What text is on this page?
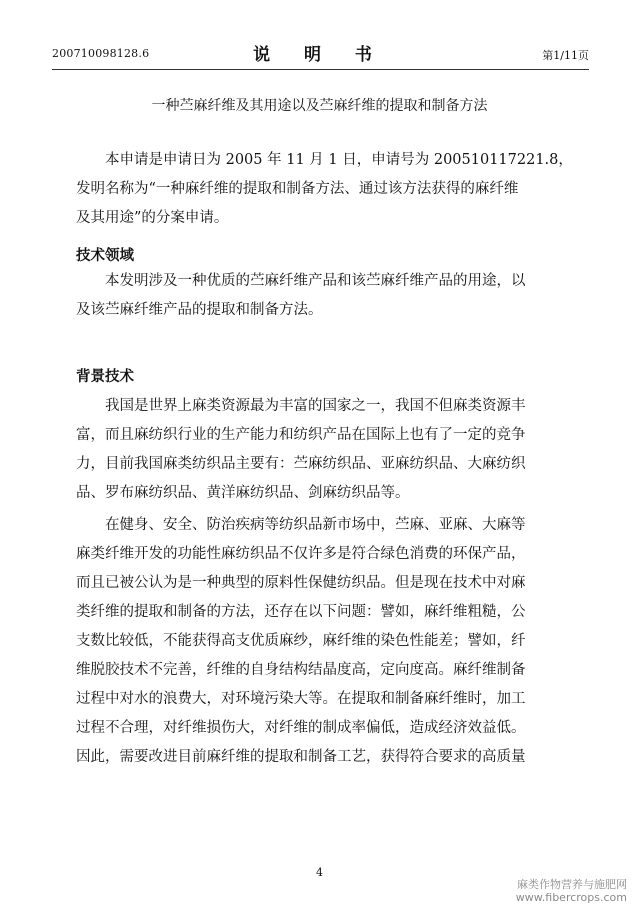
200710098128.6	说 明 书	第1/11页
一种苎麻纤维及其用途以及苎麻纤维的提取和制备方法
本申请是申请日为 2005 年 11 月 1 日，申请号为 200510117221.8，
发明名称为“一种麻纤维的提取和制备方法、通过该方法获得的麻纤维
及其用途”的分案申请。
技术领域
本发明涉及一种优质的苎麻纤维产品和该苎麻纤维产品的用途，以
及该苎麻纤维产品的提取和制备方法。
背景技术
我国是世界上麻类资源最为丰富的国家之一，我国不但麻类资源丰
富，而且麻纺织行业的生产能力和纺织产品在国际上也有了一定的竞争
力，目前我国麻类纺织品主要有：苎麻纺织品、亚麻纺织品、大麻纺织
品、罗布麻纺织品、黄洋麻纺织品、剑麻纺织品等。
在健身、安全、防治疾病等纺织品新市场中，苎麻、亚麻、大麻等
麻类纤维开发的功能性麻纺织品不仅许多是符合绿色消费的环保产品，
而且已被公认为是一种典型的原料性保健纺织品。但是现在技术中对麻
类纤维的提取和制备的方法，还存在以下问题：譬如，麻纤维粗糙，公
支数比较低，不能获得高支优质麻纱，麻纤维的染色性能差；譬如，纤
维脱胶技术不完善，纤维的自身结构结晶度高，定向度高。麻纤维制备
过程中对水的浪费大，对环境污染大等。在提取和制备麻纤维时，加工
过程不合理，对纤维损伤大，对纤维的制成率偏低，造成经济效益低。
因此，需要改进目前麻纤维的提取和制备工艺，获得符合要求的高质量
4
麻类作物营养与施肥网
www.fibercrops.com
